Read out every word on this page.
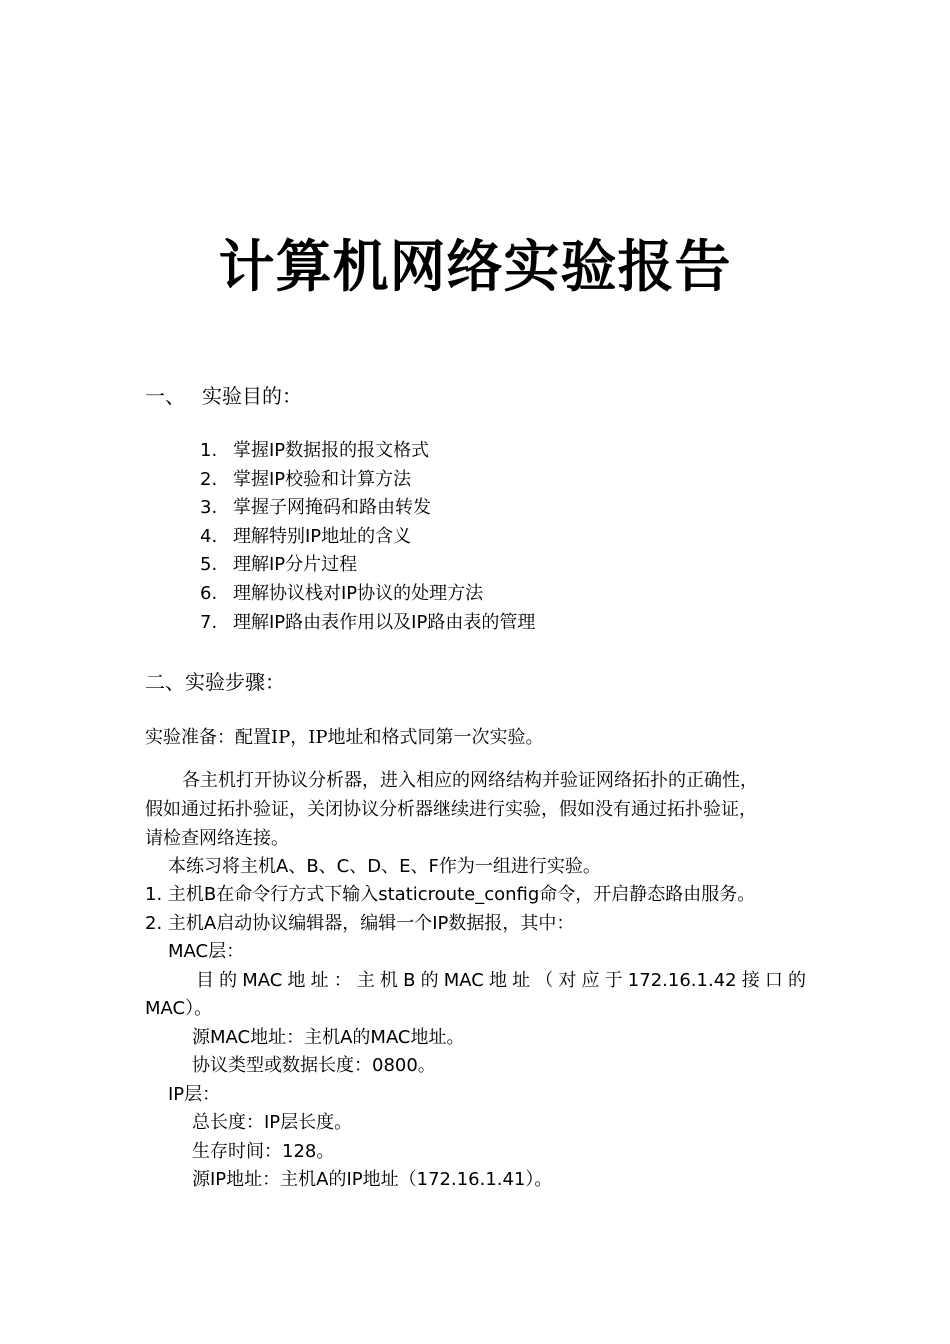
计算机网络实验报告
一、 实验目的：
1. 掌握IP数据报的报文格式
2. 掌握IP校验和计算方法
3. 掌握子网掩码和路由转发
4. 理解特别IP地址的含义
5. 理解IP分片过程
6. 理解协议栈对IP协议的处理方法
7. 理解IP路由表作用以及IP路由表的管理
二、实验步骤：
实验准备：配置IP，IP地址和格式同第一次实验。
各主机打开协议分析器，进入相应的网络结构并验证网络拓扑的正确性，
假如通过拓扑验证，关闭协议分析器继续进行实验，假如没有通过拓扑验证，
请检查网络连接。
本练习将主机A、B、C、D、E、F作为一组进行实验。
1. 主机B在命令行方式下输入staticroute_config命令，开启静态路由服务。
2. 主机A启动协议编辑器，编辑一个IP数据报，其中：
MAC层：
目的MAC地址：主机B的MAC地址（对应于172.16.1.42接口的
MAC）。
源MAC地址：主机A的MAC地址。
协议类型或数据长度：0800。
IP层：
总长度：IP层长度。
生存时间：128。
源IP地址：主机A的IP地址（172.16.1.41）。
